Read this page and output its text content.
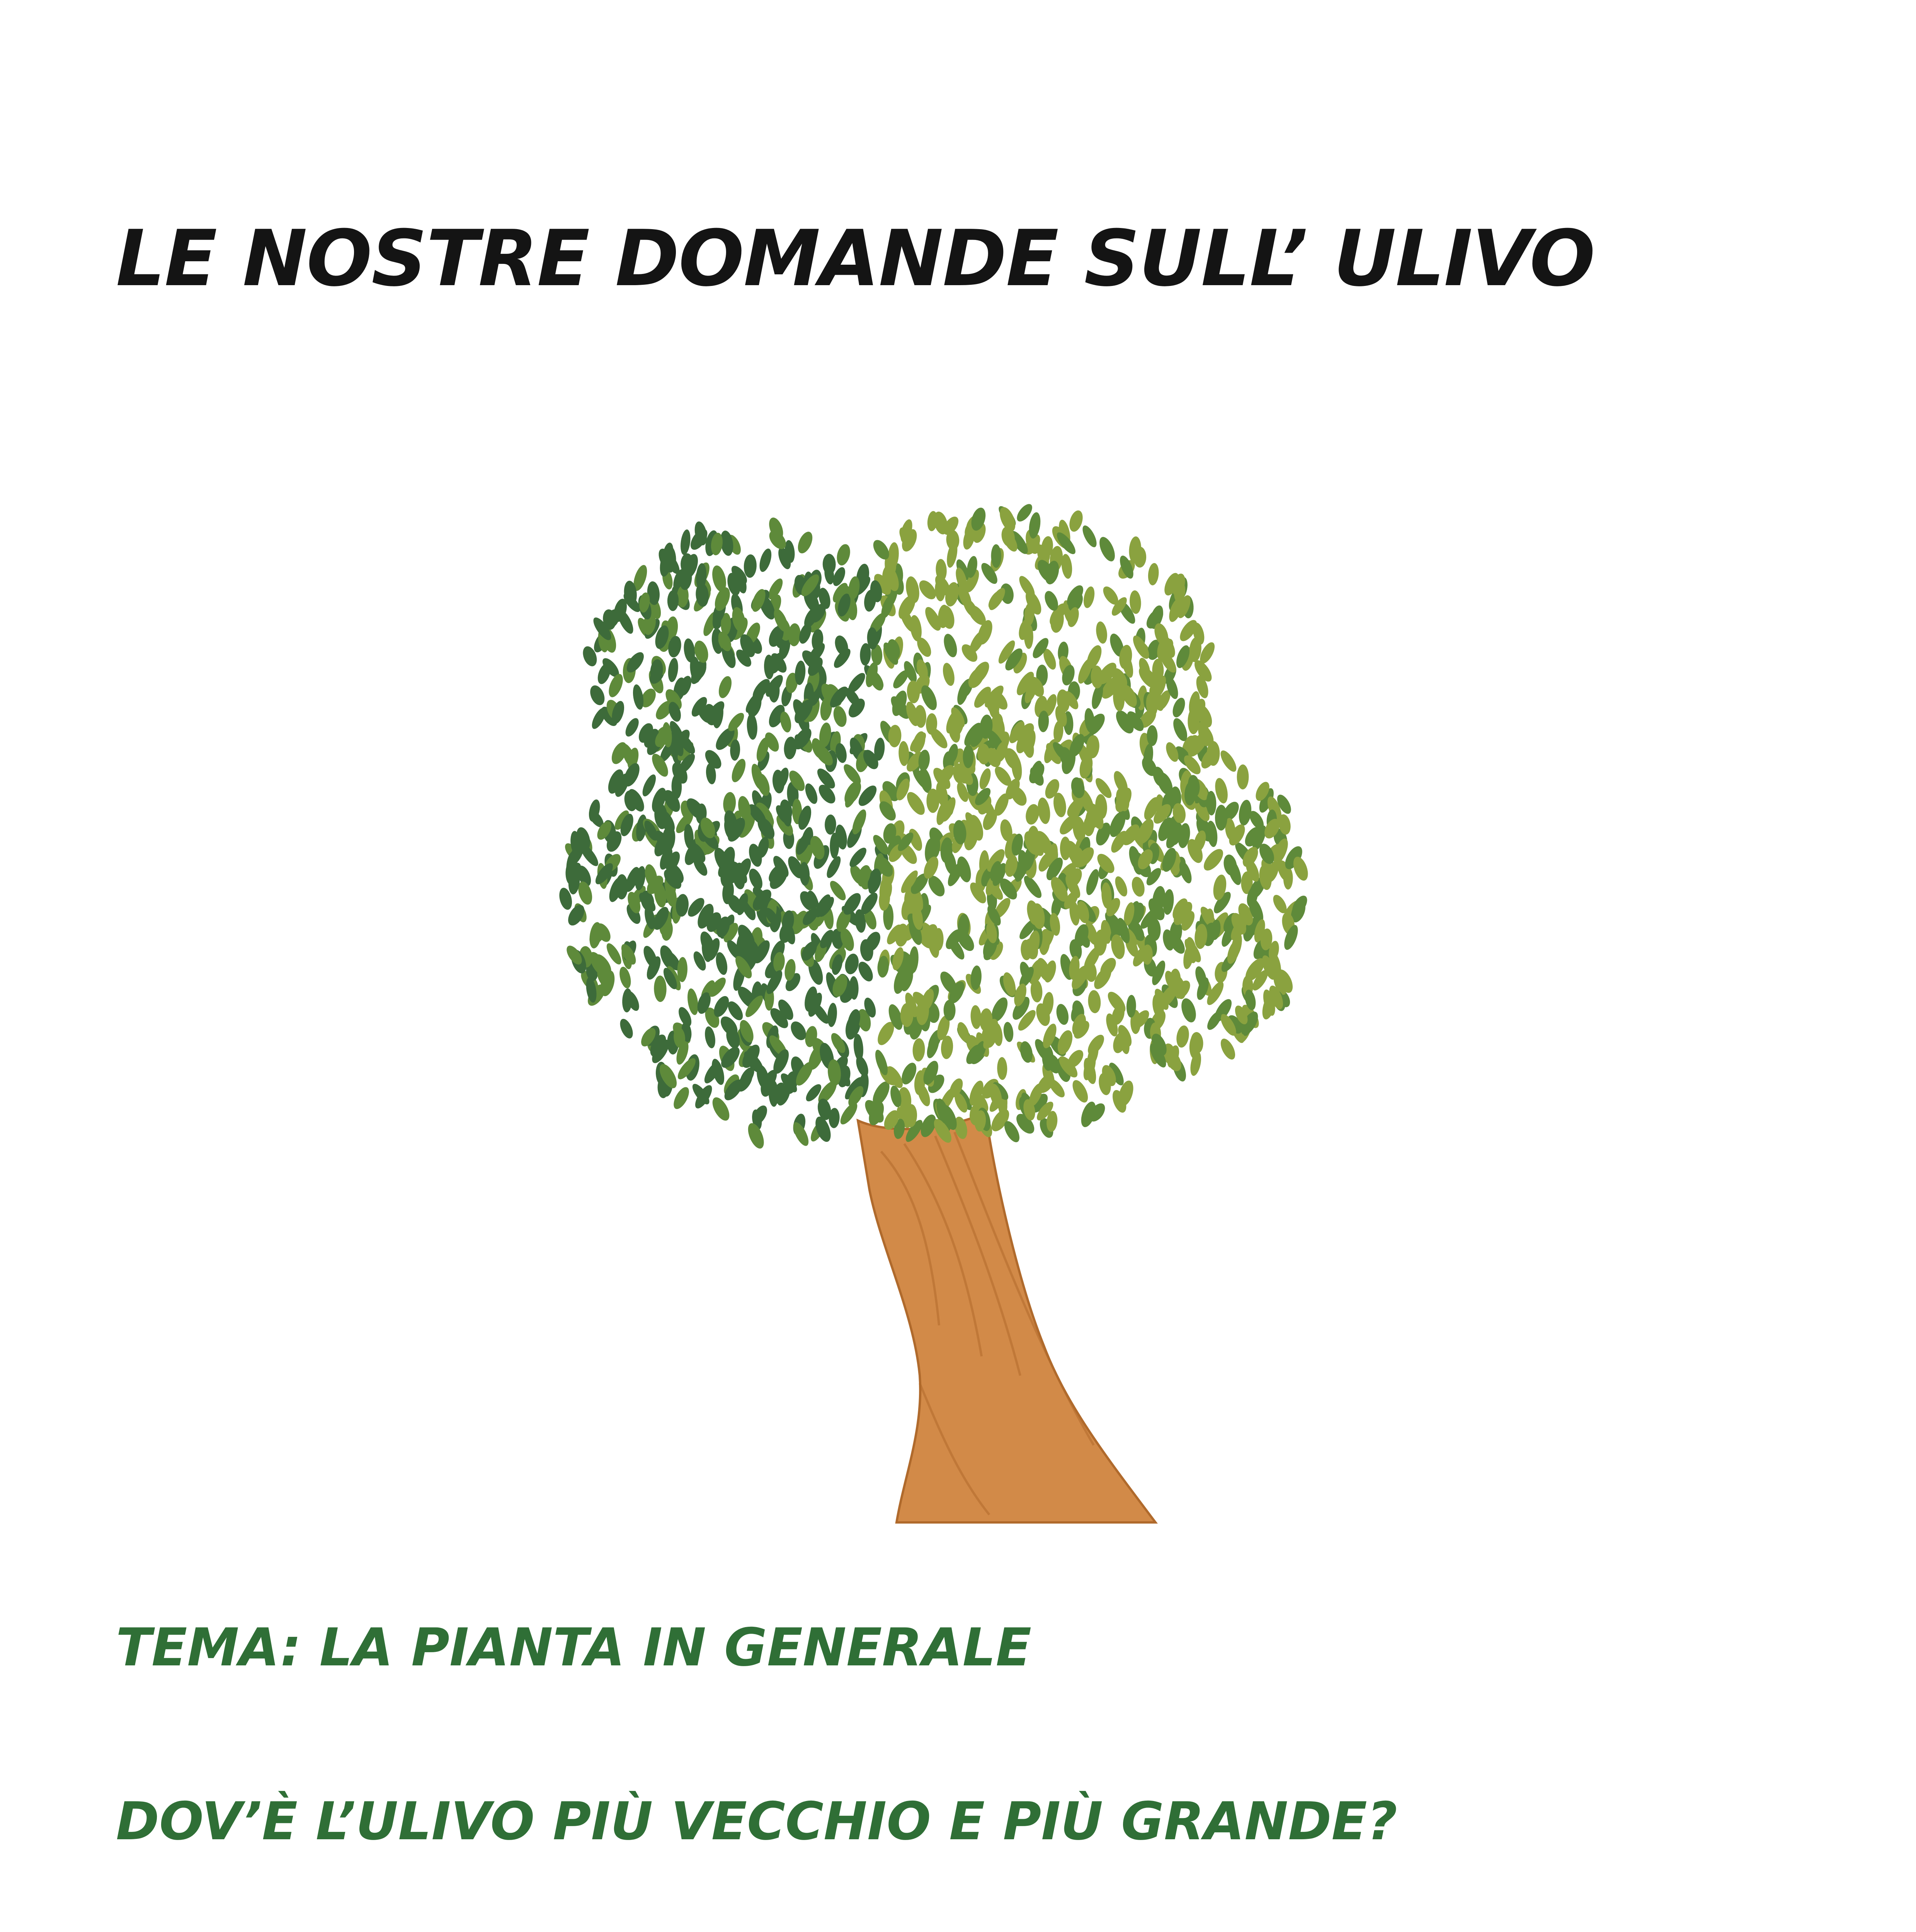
LE NOSTRE DOMANDE SULL’ ULIVO
TEMA: LA PIANTA IN GENERALE
DOV’È L’ULIVO PIÙ VECCHIO E PIÙ GRANDE?
